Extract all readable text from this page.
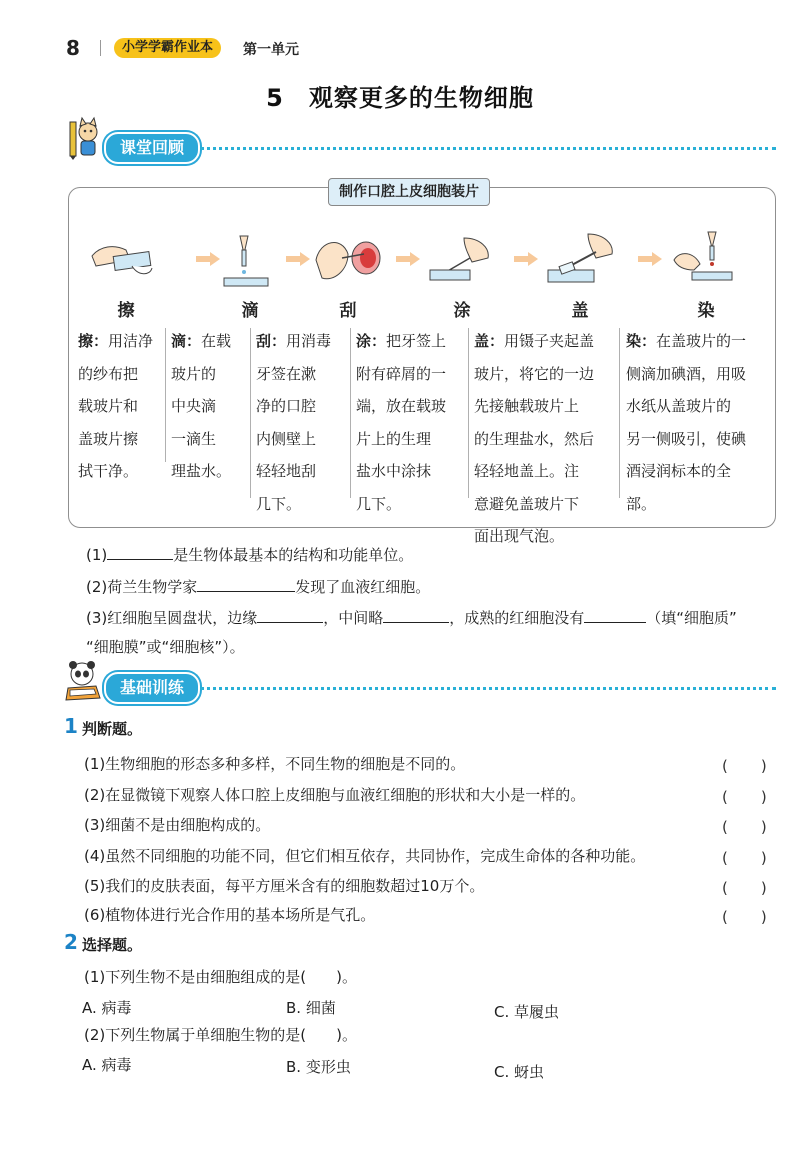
8	小学学霸作业本	第一单元
5　观察更多的生物细胞
课堂回顾
制作口腔上皮细胞装片
擦	滴	刮	涂	盖	染
擦：用洁净
的纱布把
载玻片和
盖玻片擦
拭干净。
滴：在载
玻片的
中央滴
一滴生
理盐水。
刮：用消毒
牙签在漱
净的口腔
内侧壁上
轻轻地刮
几下。
涂：把牙签上
附有碎屑的一
端，放在载玻
片上的生理
盐水中涂抹
几下。
盖：用镊子夹起盖
玻片，将它的一边
先接触载玻片上
的生理盐水，然后
轻轻地盖上。注
意避免盖玻片下
面出现气泡。
染：在盖玻片的一
侧滴加碘酒，用吸
水纸从盖玻片的
另一侧吸引，使碘
酒浸润标本的全
部。
(1)	是生物体最基本的结构和功能单位。
(2)荷兰生物学家	发现了血液红细胞。
(3)红细胞呈圆盘状，边缘	，中间略	，成熟的红细胞没有	（填“细胞质”
“细胞膜”或“细胞核”）。
基础训练
1 判断题。
(1)生物细胞的形态多种多样，不同生物的细胞是不同的。	(　　)
(2)在显微镜下观察人体口腔上皮细胞与血液红细胞的形状和大小是一样的。	(　　)
(3)细菌不是由细胞构成的。	(　　)
(4)虽然不同细胞的功能不同，但它们相互依存，共同协作，完成生命体的各种功能。	(　　)
(5)我们的皮肤表面，每平方厘米含有的细胞数超过10万个。	(　　)
(6)植物体进行光合作用的基本场所是气孔。	(　　)
2 选择题。
(1)下列生物不是由细胞组成的是(　　)。
A. 病毒	B. 细菌	C. 草履虫
(2)下列生物属于单细胞生物的是(　　)。
A. 病毒	B. 变形虫	C. 蚜虫
